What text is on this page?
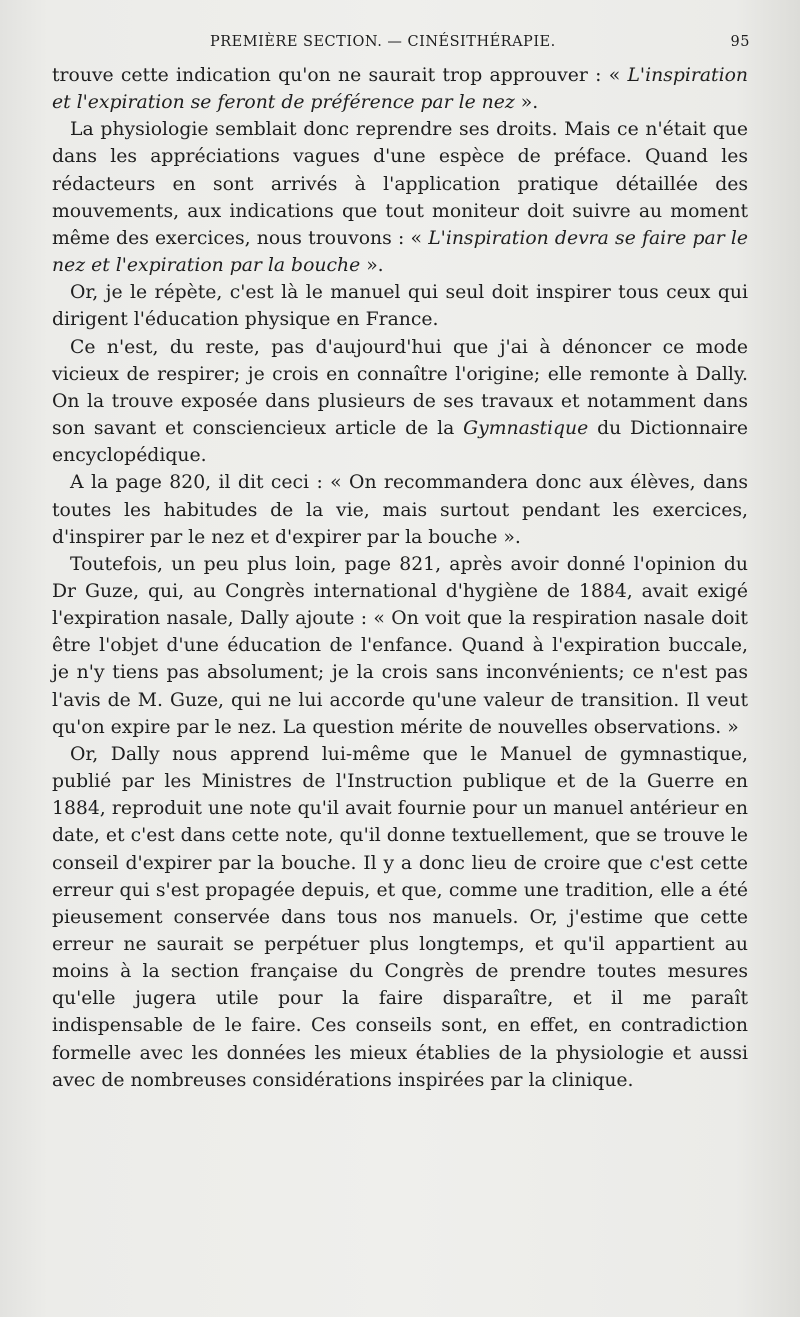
PREMIÈRE SECTION. — CINÉSITHÉRAPIE.	95

trouve cette indication qu'on ne saurait trop approuver : « L'inspiration et l'expiration se feront de préférence par le nez ».

La physiologie semblait donc reprendre ses droits. Mais ce n'était que dans les appréciations vagues d'une espèce de préface. Quand les rédacteurs en sont arrivés à l'application pratique détaillée des mouvements, aux indications que tout moniteur doit suivre au moment même des exercices, nous trouvons : « L'inspiration devra se faire par le nez et l'expiration par la bouche ».

Or, je le répète, c'est là le manuel qui seul doit inspirer tous ceux qui dirigent l'éducation physique en France.

Ce n'est, du reste, pas d'aujourd'hui que j'ai à dénoncer ce mode vicieux de respirer; je crois en connaître l'origine; elle remonte à Dally. On la trouve exposée dans plusieurs de ses travaux et notamment dans son savant et consciencieux article de la Gymnastique du Dictionnaire encyclopédique.

A la page 820, il dit ceci : « On recommandera donc aux élèves, dans toutes les habitudes de la vie, mais surtout pendant les exercices, d'inspirer par le nez et d'expirer par la bouche ».

Toutefois, un peu plus loin, page 821, après avoir donné l'opinion du Dr Guze, qui, au Congrès international d'hygiène de 1884, avait exigé l'expiration nasale, Dally ajoute : « On voit que la respiration nasale doit être l'objet d'une éducation de l'enfance. Quand à l'expiration buccale, je n'y tiens pas absolument; je la crois sans inconvénients; ce n'est pas l'avis de M. Guze, qui ne lui accorde qu'une valeur de transition. Il veut qu'on expire par le nez. La question mérite de nouvelles observations. »

Or, Dally nous apprend lui-même que le Manuel de gymnastique, publié par les Ministres de l'Instruction publique et de la Guerre en 1884, reproduit une note qu'il avait fournie pour un manuel antérieur en date, et c'est dans cette note, qu'il donne textuellement, que se trouve le conseil d'expirer par la bouche. Il y a donc lieu de croire que c'est cette erreur qui s'est propagée depuis, et que, comme une tradition, elle a été pieusement conservée dans tous nos manuels. Or, j'estime que cette erreur ne saurait se perpétuer plus longtemps, et qu'il appartient au moins à la section française du Congrès de prendre toutes mesures qu'elle jugera utile pour la faire disparaître, et il me paraît indispensable de le faire. Ces conseils sont, en effet, en contradiction formelle avec les données les mieux établies de la physiologie et aussi avec de nombreuses considérations inspirées par la clinique.
